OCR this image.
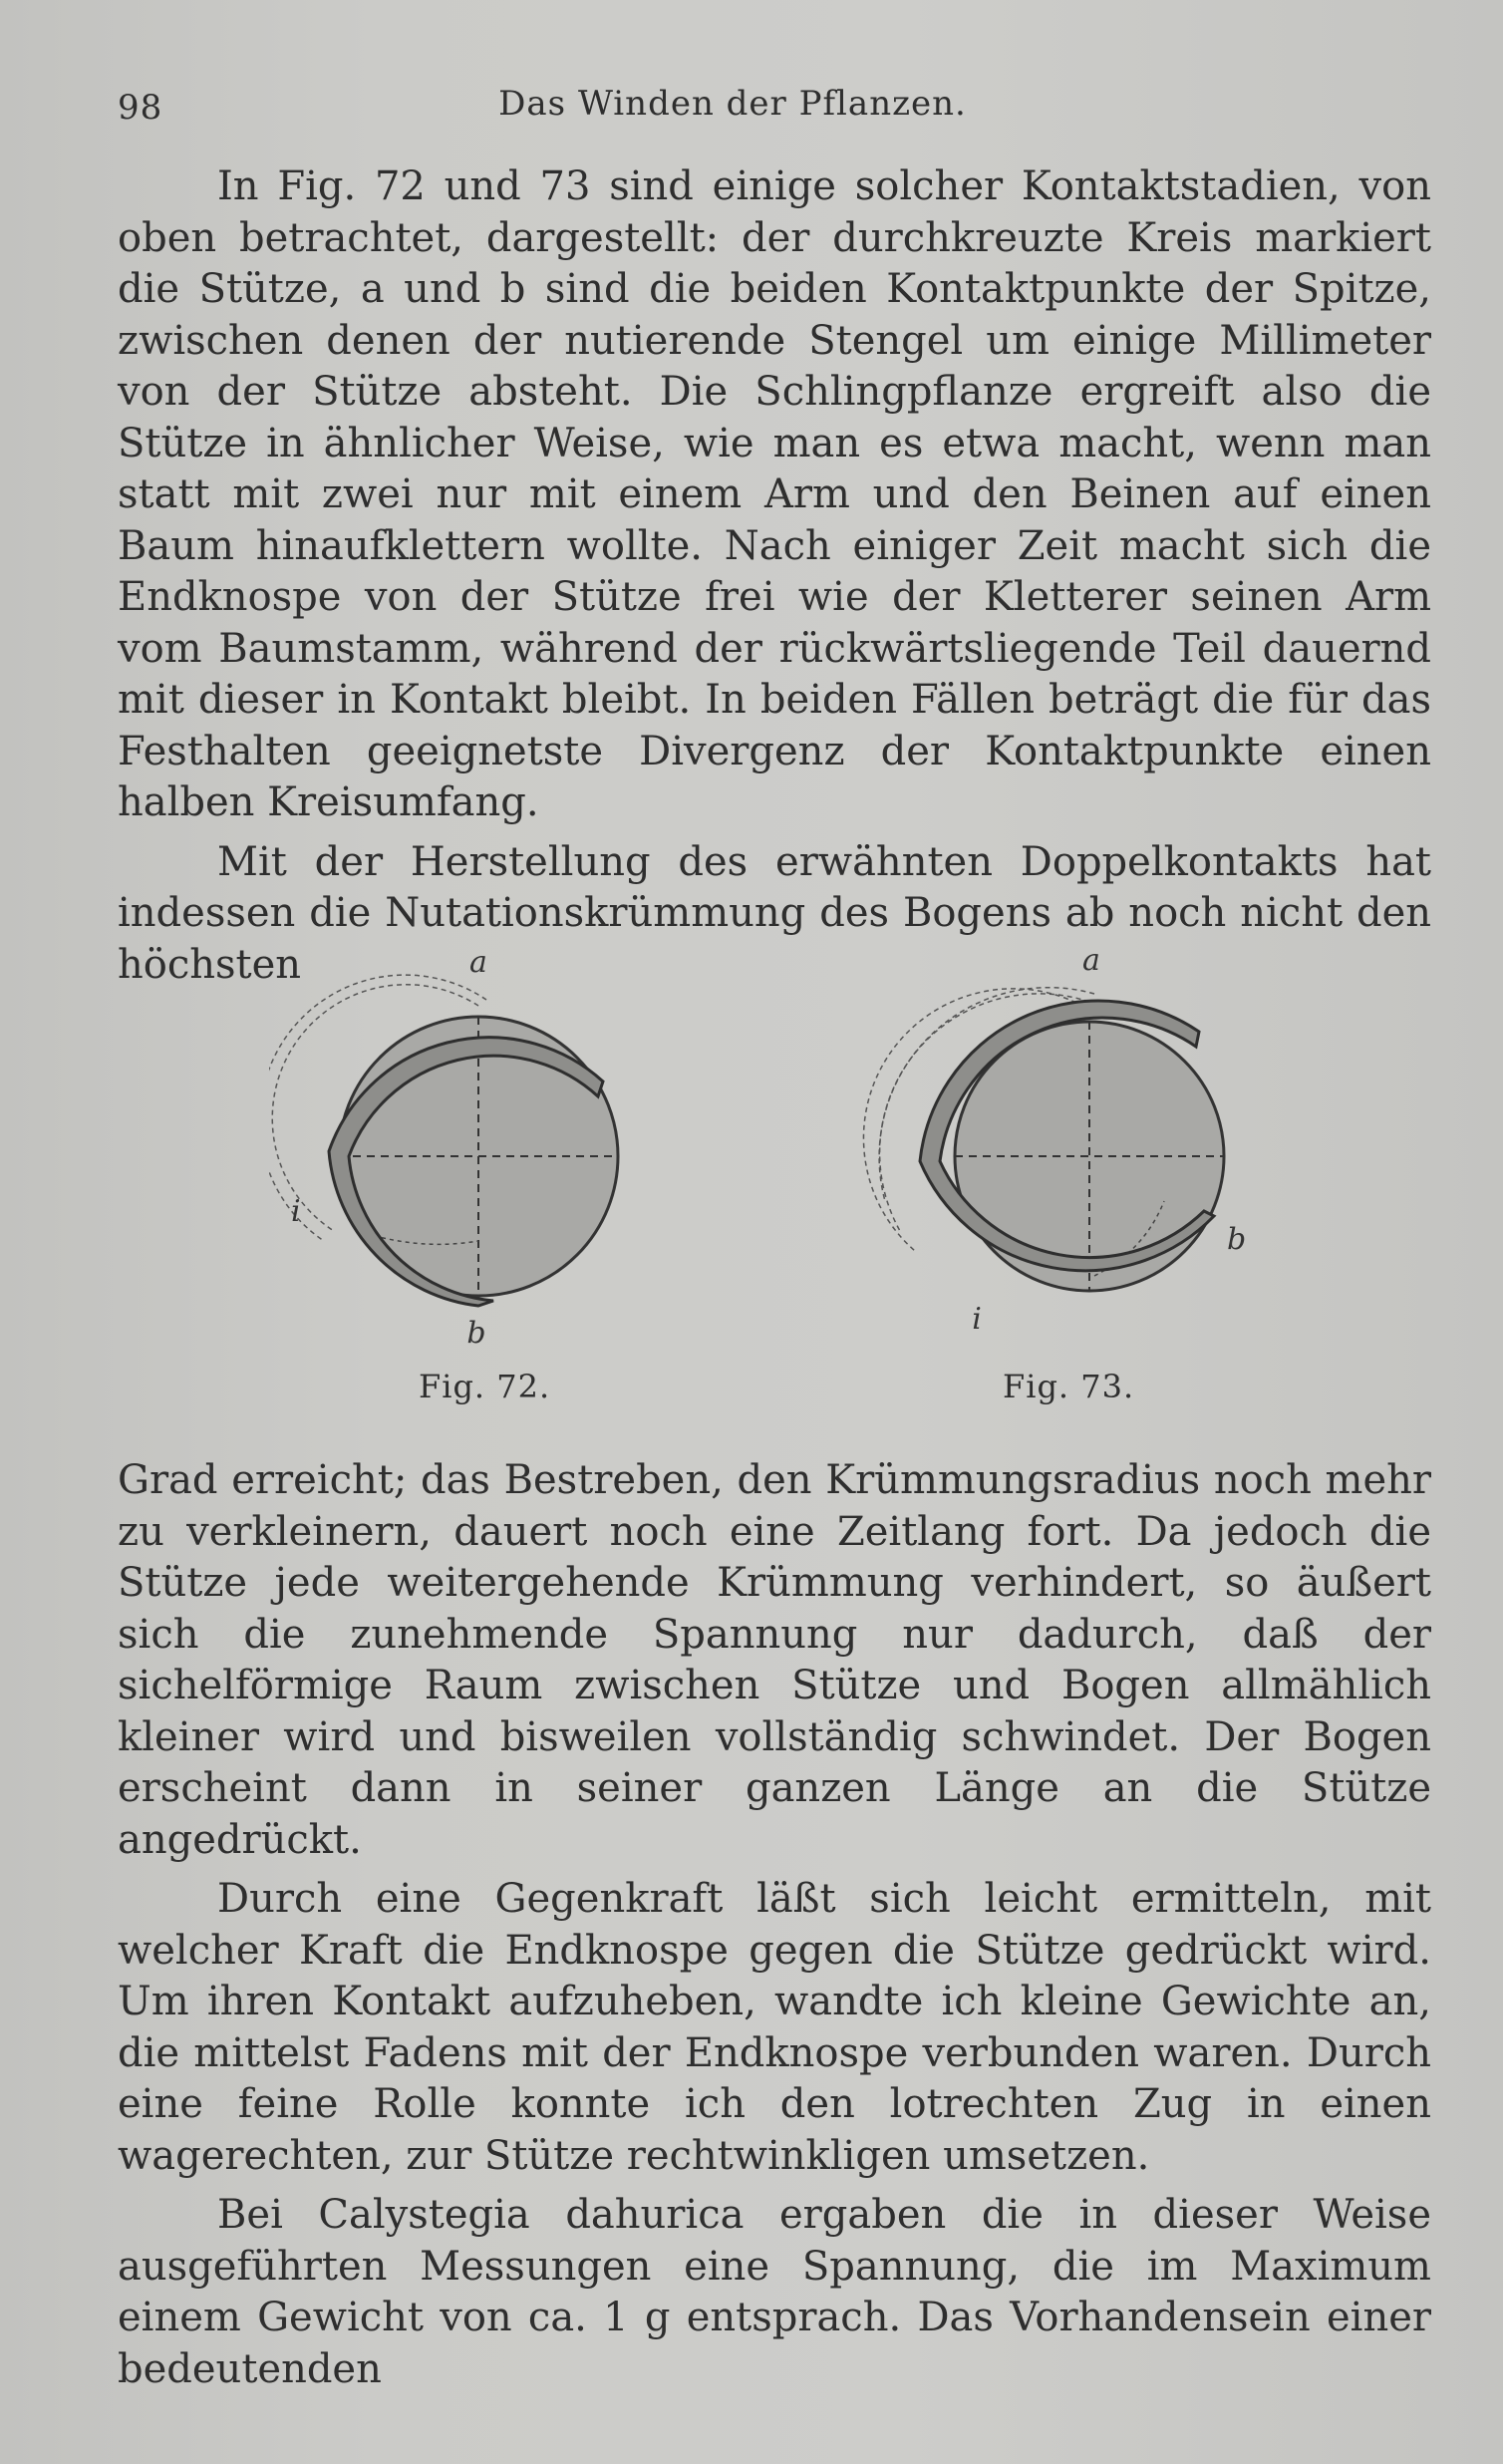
98	Das Winden der Pflanzen.

In Fig. 72 und 73 sind einige solcher Kontaktstadien, von oben betrachtet, dargestellt: der durchkreuzte Kreis markiert die Stütze, a und b sind die beiden Kontaktpunkte der Spitze, zwischen denen der nutierende Stengel um einige Millimeter von der Stütze absteht. Die Schlingpflanze ergreift also die Stütze in ähnlicher Weise, wie man es etwa macht, wenn man statt mit zwei nur mit einem Arm und den Beinen auf einen Baum hinaufklettern wollte. Nach einiger Zeit macht sich die Endknospe von der Stütze frei wie der Kletterer seinen Arm vom Baumstamm, während der rückwärtsliegende Teil dauernd mit dieser in Kontakt bleibt. In beiden Fällen beträgt die für das Festhalten geeignetste Divergenz der Kontaktpunkte einen halben Kreisumfang.

Mit der Herstellung des erwähnten Doppelkontakts hat indessen die Nutationskrümmung des Bogens ab noch nicht den höchsten	a
i
b
a
b
i
Fig. 72.	Fig. 73.

Grad erreicht; das Bestreben, den Krümmungsradius noch mehr zu verkleinern, dauert noch eine Zeitlang fort. Da jedoch die Stütze jede weitergehende Krümmung verhindert, so äußert sich die zunehmende Spannung nur dadurch, daß der sichelförmige Raum zwischen Stütze und Bogen allmählich kleiner wird und bisweilen vollständig schwindet. Der Bogen erscheint dann in seiner ganzen Länge an die Stütze angedrückt.

Durch eine Gegenkraft läßt sich leicht ermitteln, mit welcher Kraft die Endknospe gegen die Stütze gedrückt wird. Um ihren Kontakt aufzuheben, wandte ich kleine Gewichte an, die mittelst Fadens mit der Endknospe verbunden waren. Durch eine feine Rolle konnte ich den lotrechten Zug in einen wagerechten, zur Stütze rechtwinkligen umsetzen.

Bei Calystegia dahurica ergaben die in dieser Weise ausgeführten Messungen eine Spannung, die im Maximum einem Gewicht von ca. 1 g entsprach. Das Vorhandensein einer bedeutenden
